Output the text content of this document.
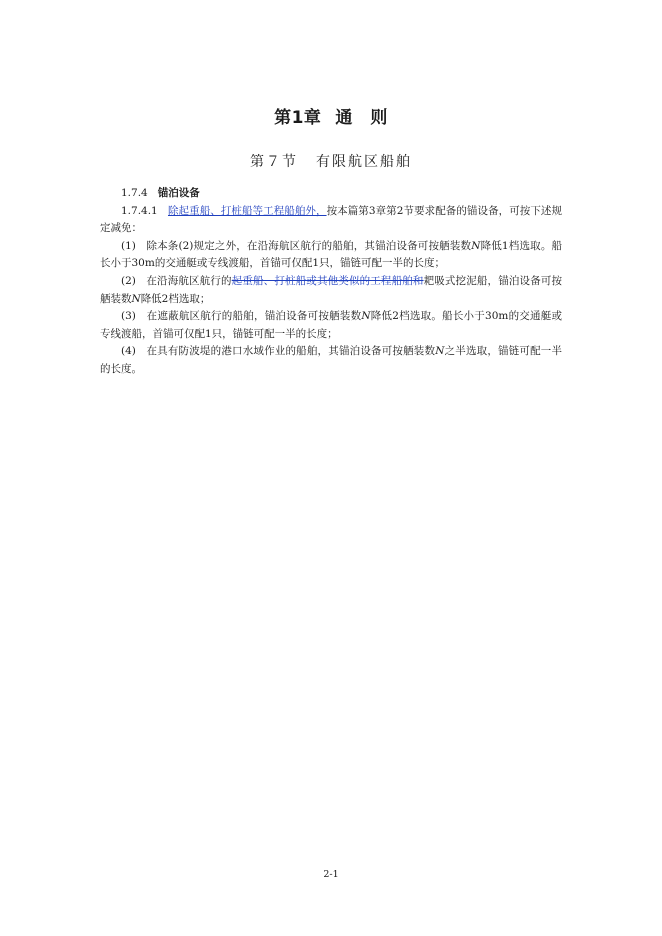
第1章 通　则
第７节 有限航区船舶

1.7.4 锚泊设备

1.7.4.1 除起重船、打桩船等工程船舶外，按本篇第3章第2节要求配备的锚设备，可按下述规定减免：

(1) 除本条(2)规定之外，在沿海航区航行的船舶，其锚泊设备可按舾装数N降低1档选取。船长小于30m的交通艇或专线渡船，首锚可仅配1只，锚链可配一半的长度；

(2) 在沿海航区航行的起重船、打桩船或其他类似的工程船舶和耙吸式挖泥船，锚泊设备可按舾装数N降低2档选取；

(3) 在遮蔽航区航行的船舶，锚泊设备可按舾装数N降低2档选取。船长小于30m的交通艇或专线渡船，首锚可仅配1只，锚链可配一半的长度；

(4) 在具有防波堤的港口水域作业的船舶，其锚泊设备可按舾装数N之半选取，锚链可配一半的长度。

2-1
